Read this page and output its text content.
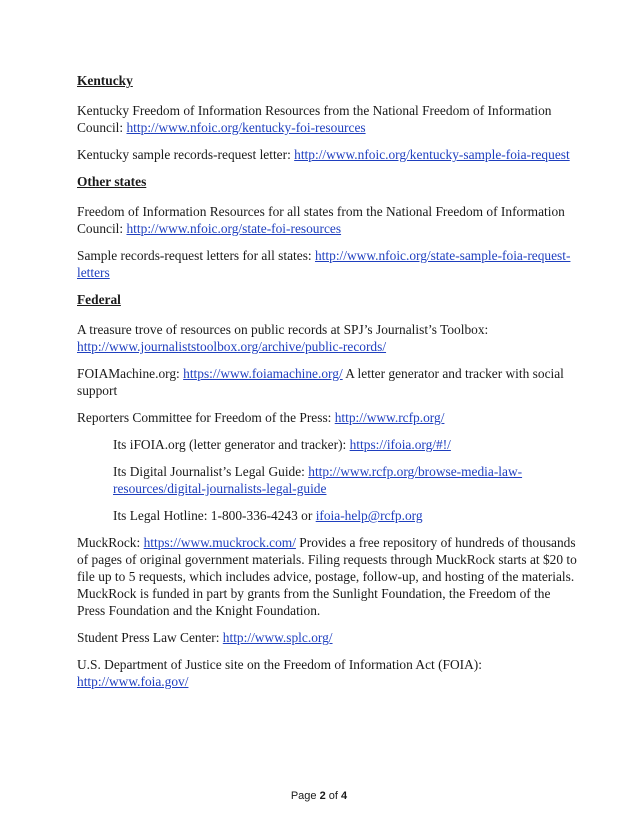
Kentucky
Kentucky Freedom of Information Resources from the National Freedom of Information Council: http://www.nfoic.org/kentucky-foi-resources
Kentucky sample records-request letter: http://www.nfoic.org/kentucky-sample-foia-request
Other states
Freedom of Information Resources for all states from the National Freedom of Information Council: http://www.nfoic.org/state-foi-resources
Sample records-request letters for all states: http://www.nfoic.org/state-sample-foia-request-letters
Federal
A treasure trove of resources on public records at SPJ’s Journalist’s Toolbox: http://www.journaliststoolbox.org/archive/public-records/
FOIAMachine.org: https://www.foiamachine.org/ A letter generator and tracker with social support
Reporters Committee for Freedom of the Press: http://www.rcfp.org/
Its iFOIA.org (letter generator and tracker): https://ifoia.org/#!/
Its Digital Journalist’s Legal Guide: http://www.rcfp.org/browse-media-law-resources/digital-journalists-legal-guide
Its Legal Hotline: 1-800-336-4243 or ifoia-help@rcfp.org
MuckRock: https://www.muckrock.com/ Provides a free repository of hundreds of thousands of pages of original government materials. Filing requests through MuckRock starts at $20 to file up to 5 requests, which includes advice, postage, follow-up, and hosting of the materials. MuckRock is funded in part by grants from the Sunlight Foundation, the Freedom of the Press Foundation and the Knight Foundation.
Student Press Law Center: http://www.splc.org/
U.S. Department of Justice site on the Freedom of Information Act (FOIA): http://www.foia.gov/
Page 2 of 4
